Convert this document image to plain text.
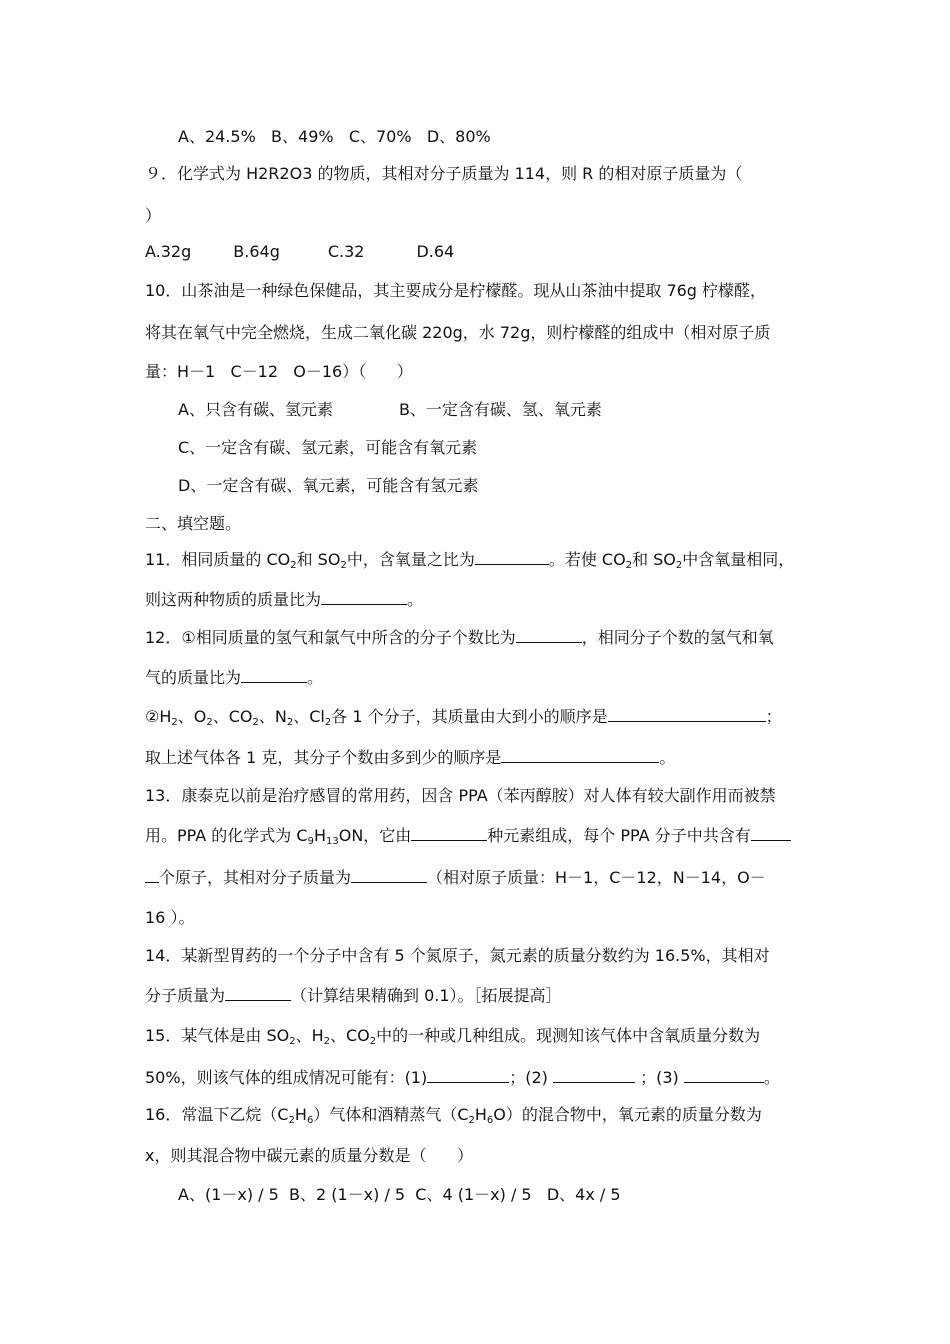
A、24.5%   B、49%   C、70%   D、80%
９．化学式为 H2R2O3 的物质，其相对分子质量为 114，则 R 的相对原子质量为（
）
A.32g	B.64g	C.32	D.64
10．山茶油是一种绿色保健品，其主要成分是柠檬醛。现从山茶油中提取 76g 柠檬醛，
将其在氧气中完全燃烧，生成二氧化碳 220g，水 72g，则柠檬醛的组成中（相对原子质
量：H－1   C－12   O－16）（      ）
A、只含有碳、氢元素	B、一定含有碳、氢、氧元素
C、一定含有碳、氢元素，可能含有氧元素
D、一定含有碳、氧元素，可能含有氢元素
二、填空题。
11．相同质量的 $CO_2$和 $SO_2$中，含氧量之比为	。若使 $CO_2$和 $SO_2$中含氧量相同，
则这两种物质的质量比为	。
12．①相同质量的氢气和氯气中所含的分子个数比为	，相同分子个数的氢气和氧
气的质量比为	。
$②H_2$、$O_2$、$CO_2$、$N_2$、$Cl_2$各 1 个分子，其质量由大到小的顺序是	；
取上述气体各 1 克，其分子个数由多到少的顺序是	。
13．康泰克以前是治疗感冒的常用药，因含 PPA（苯丙醇胺）对人体有较大副作用而被禁
用。PPA 的化学式为 $C_9H_{13}ON$，它由	种元素组成，每个 PPA 分子中共含有
个原子，其相对分子质量为	（相对原子质量：H－1，C－12，N－14，O－
16 ）。
14．某新型胃药的一个分子中含有 5 个氮原子，氮元素的质量分数约为 16.5%，其相对
分子质量为	（计算结果精确到 0.1）。［拓展提高］
15．某气体是由 $SO_2$、$H_2$、$CO_2$中的一种或几种组成。现测知该气体中含氧质量分数为
50%，则该气体的组成情况可能有：(1)	；(2)	；(3)	。
16．常温下乙烷$(C_2H_6)$气体和酒精蒸气$(C_2H_6O)$的混合物中，氧元素的质量分数为
x，则其混合物中碳元素的质量分数是（      ）
A、(1－x) / 5  B、2 (1－x) / 5  C、4 (1－x) / 5   D、4x / 5
